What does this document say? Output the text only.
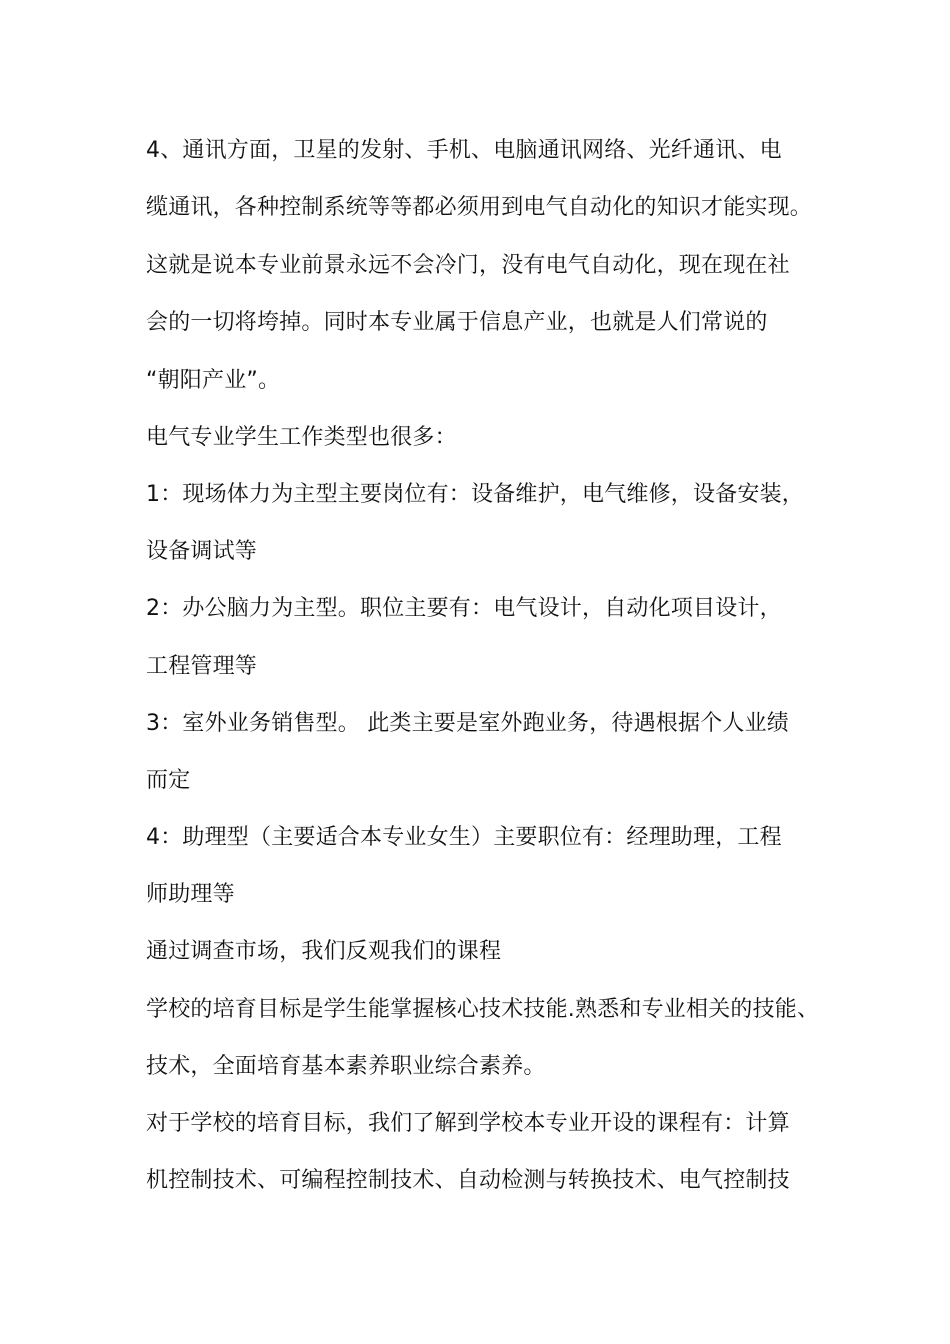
4、通讯方面，卫星的发射、手机、电脑通讯网络、光纤通讯、电
缆通讯，各种控制系统等等都必须用到电气自动化的知识才能实现。
这就是说本专业前景永远不会冷门，没有电气自动化，现在现在社
会的一切将垮掉。同时本专业属于信息产业，也就是人们常说的
“朝阳产业”。
电气专业学生工作类型也很多：
1：现场体力为主型主要岗位有：设备维护，电气维修，设备安装，
设备调试等
2：办公脑力为主型。职位主要有：电气设计，自动化项目设计，
工程管理等
3：室外业务销售型。 此类主要是室外跑业务，待遇根据个人业绩
而定
4：助理型（主要适合本专业女生）主要职位有：经理助理，工程
师助理等
通过调查市场，我们反观我们的课程
学校的培育目标是学生能掌握核心技术技能.熟悉和专业相关的技能、
技术，全面培育基本素养职业综合素养。
对于学校的培育目标，我们了解到学校本专业开设的课程有：计算
机控制技术、可编程控制技术、自动检测与转换技术、电气控制技
